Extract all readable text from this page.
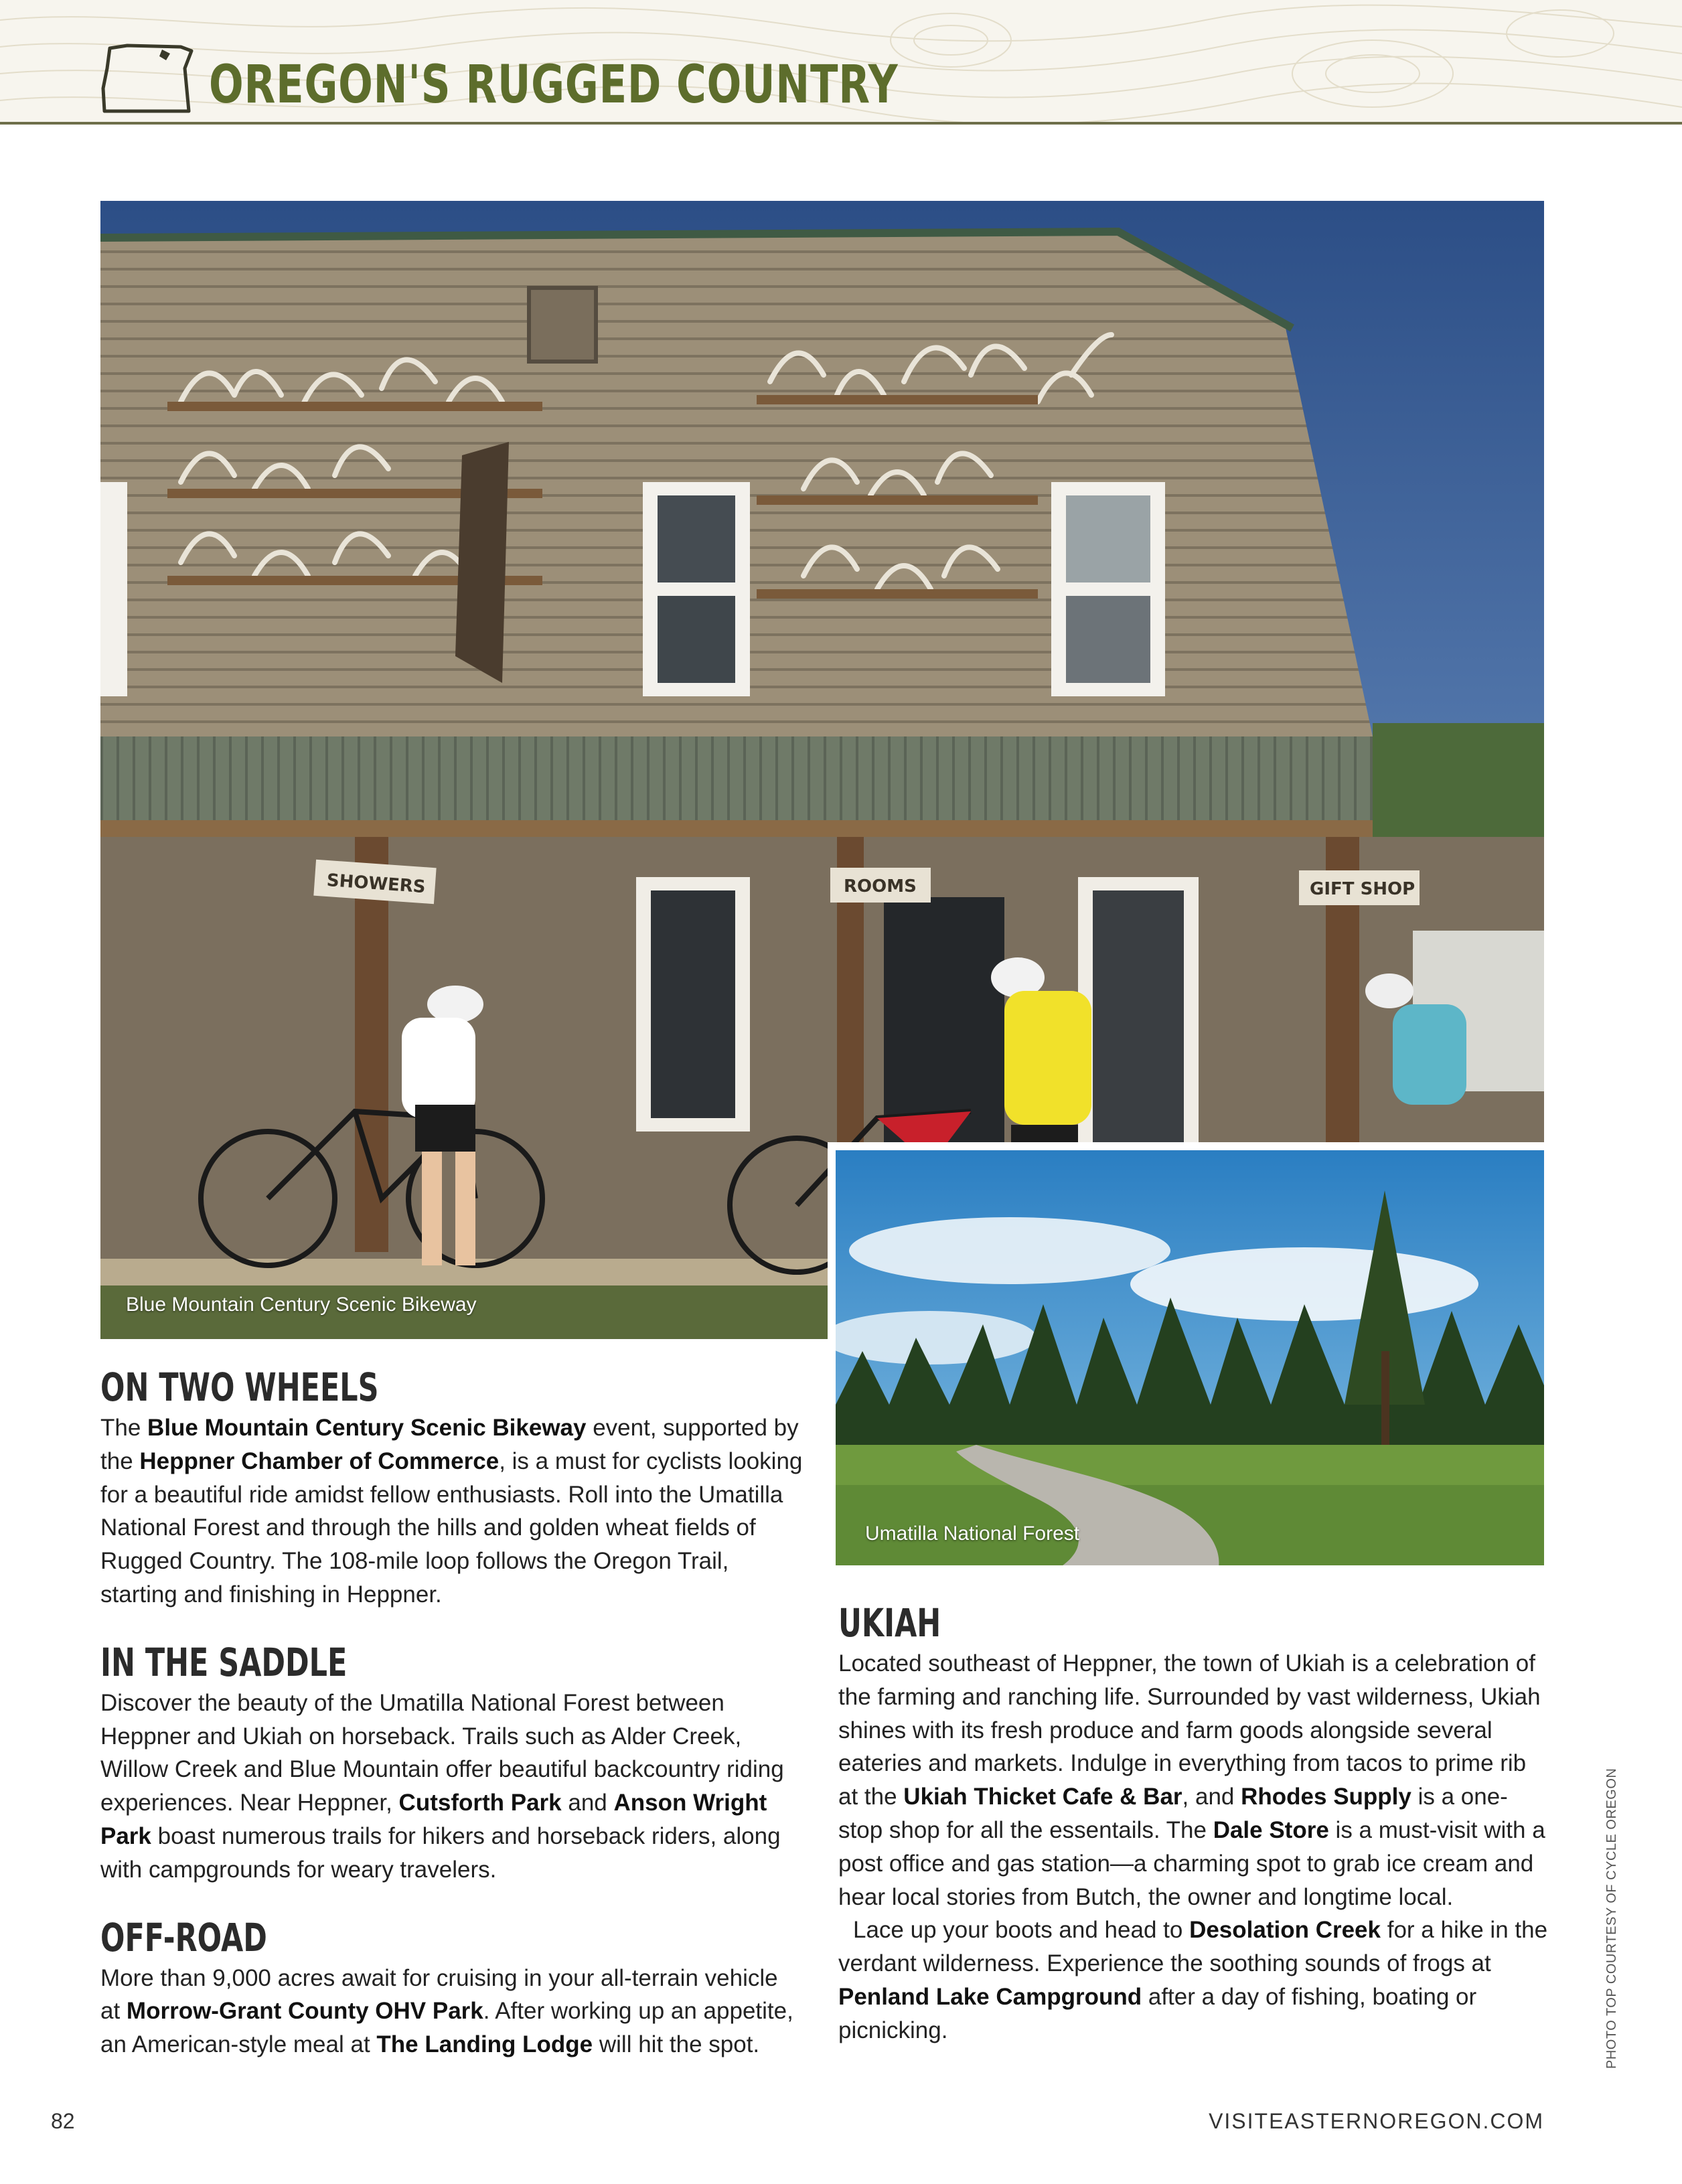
OREGON'S RUGGED COUNTRY
SHOWERS	ROOMS	GIFT SHOP
Blue Mountain Century Scenic Bikeway
Umatilla National Forest
ON TWO WHEELS

The Blue Mountain Century Scenic Bikeway event, supported by the Heppner Chamber of Commerce, is a must for cyclists looking for a beautiful ride amidst fellow enthusiasts. Roll into the Umatilla National Forest and through the hills and golden wheat fields of Rugged Country. The 108-mile loop follows the Oregon Trail, starting and finishing in Heppner.

IN THE SADDLE

Discover the beauty of the Umatilla National Forest between Heppner and Ukiah on horseback. Trails such as Alder Creek, Willow Creek and Blue Mountain offer beautiful backcountry riding experiences. Near Heppner, Cutsforth Park and Anson Wright Park boast numerous trails for hikers and horseback riders, along with campgrounds for weary travelers.

OFF-ROAD

More than 9,000 acres await for cruising in your all-terrain vehicle at Morrow-Grant County OHV Park. After working up an appetite, an American-style meal at The Landing Lodge will hit the spot.

UKIAH

Located southeast of Heppner, the town of Ukiah is a celebration of the farming and ranching life. Surrounded by vast wilderness, Ukiah shines with its fresh produce and farm goods alongside several eateries and markets. Indulge in everything from tacos to prime rib at the Ukiah Thicket Cafe & Bar, and Rhodes Supply is a one-stop shop for all the essentails. The Dale Store is a must-visit with a post office and gas station—a charming spot to grab ice cream and hear local stories from Butch, the owner and longtime local.

Lace up your boots and head to Desolation Creek for a hike in the verdant wilderness. Experience the soothing sounds of frogs at Penland Lake Campground after a day of fishing, boating or picnicking.

82	VISITEASTERNOREGON.COM
PHOTO TOP COURTESY OF CYCLE OREGON
